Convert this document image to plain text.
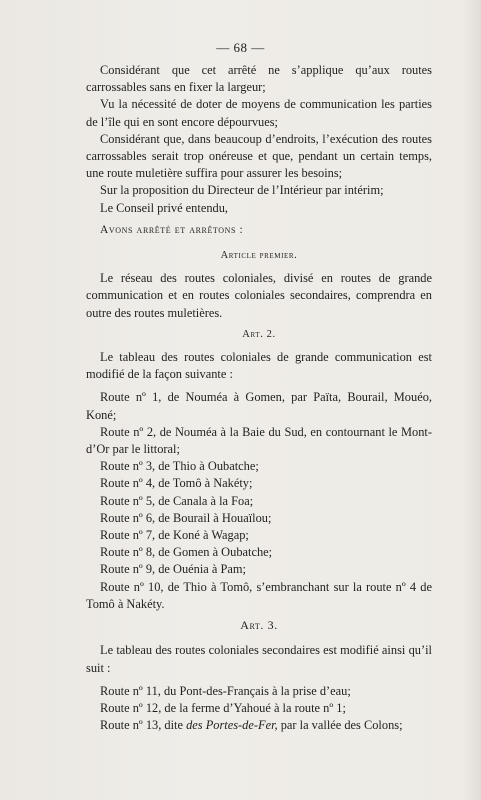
— 68 —

Considérant que cet arrêté ne s’applique qu’aux routes carrossables sans en fixer la largeur;

Vu la nécessité de doter de moyens de communication les parties de l’île qui en sont encore dépourvues;

Considérant que, dans beaucoup d’endroits, l’exécution des routes carrossables serait trop onéreuse et que, pendant un certain temps, une route muletière suffira pour assurer les besoins;

Sur la proposition du Directeur de l’Intérieur par intérim;

Le Conseil privé entendu,

Avons arrêté et arrêtons :

Article premier.

Le réseau des routes coloniales, divisé en routes de grande communication et en routes coloniales secondaires, comprendra en outre des routes muletières.

Art. 2.

Le tableau des routes coloniales de grande communication est modifié de la façon suivante :

Route nº 1, de Nouméa à Gomen, par Païta, Bourail, Mouéo, Koné;

Route nº 2, de Nouméa à la Baie du Sud, en contournant le Mont-d’Or par le littoral;

Route nº 3, de Thio à Oubatche;

Route nº 4, de Tomô à Nakéty;

Route nº 5, de Canala à la Foa;

Route nº 6, de Bourail à Houaïlou;

Route nº 7, de Koné à Wagap;

Route nº 8, de Gomen à Oubatche;

Route nº 9, de Ouénia à Pam;

Route nº 10, de Thio à Tomô, s’embranchant sur la route nº 4 de Tomô à Nakéty.

Art. 3.

Le tableau des routes coloniales secondaires est modifié ainsi qu’il suit :

Route nº 11, du Pont-des-Français à la prise d’eau;

Route nº 12, de la ferme d’Yahoué à la route nº 1;

Route nº 13, dite des Portes-de-Fer, par la vallée des Colons;
